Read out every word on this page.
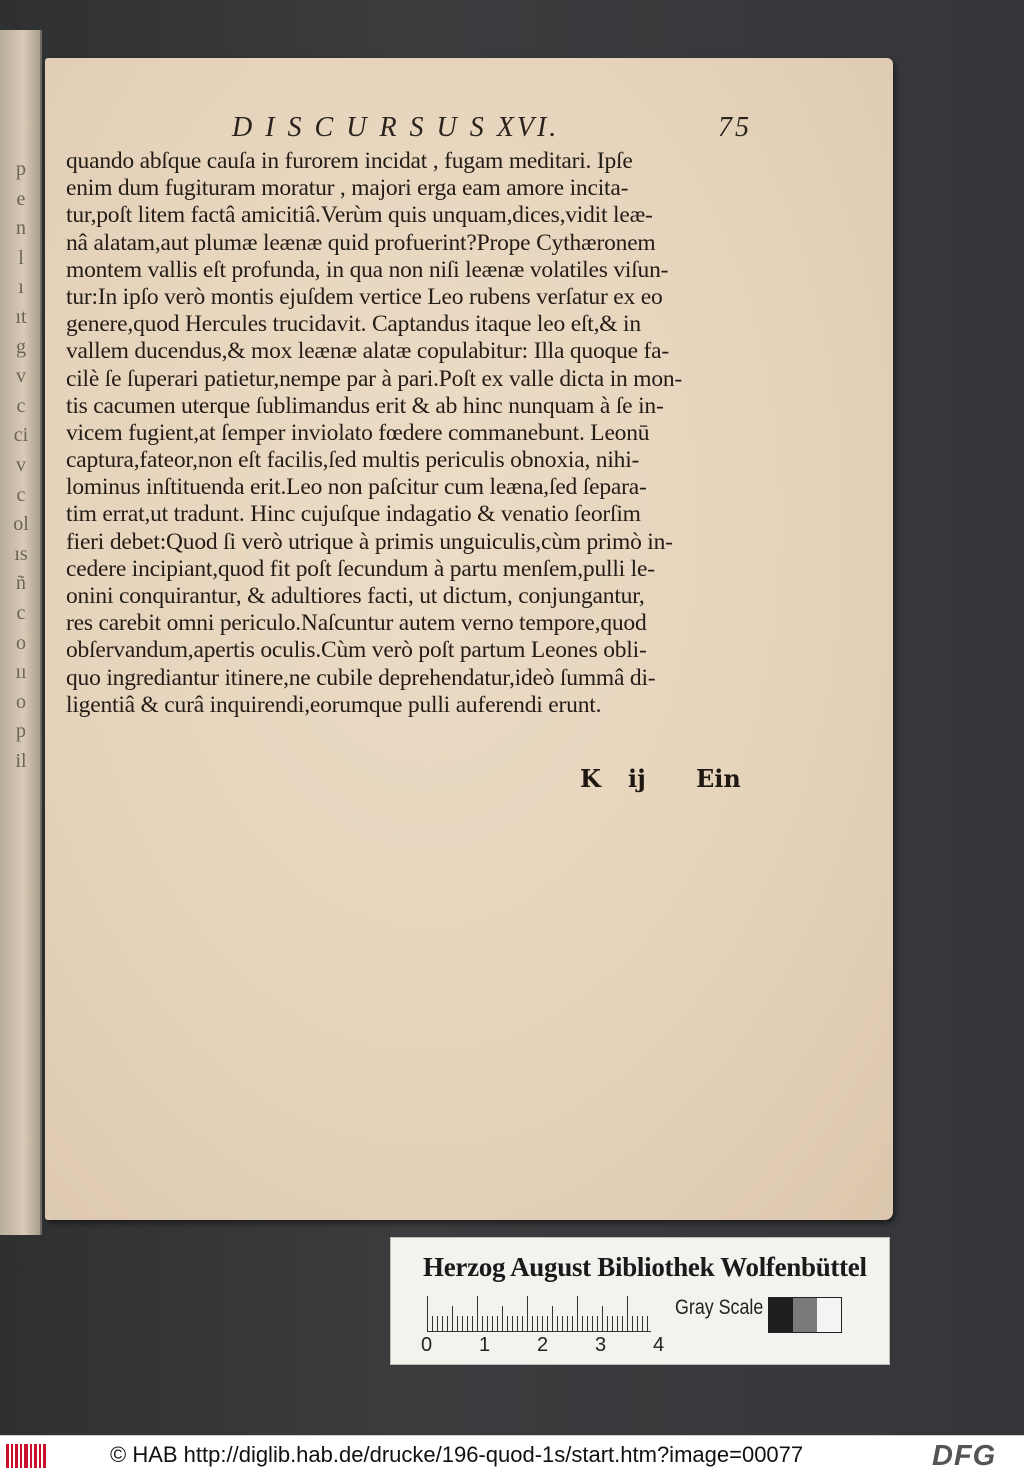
p
e
n
l
ı
ıt
g
v
c
ci
v
c
ol
ıs
ñ
c
o
ıı
o
p
il
D I S C U R S U S XVI.	75
quando abſque cauſa in furorem incidat , fugam meditari. Ipſe
enim dum fugituram moratur , majori erga eam amore incita-
tur,poſt litem factâ amicitiâ.Verùm quis unquam,dices,vidit leæ-
nâ alatam,aut plumæ leænæ quid profuerint?Prope Cythæronem
montem vallis eſt profunda, in qua non niſi leænæ volatiles viſun-
tur:In ipſo verò montis ejuſdem vertice Leo rubens verſatur ex eo
genere,quod Hercules trucidavit. Captandus itaque leo eſt,& in
vallem ducendus,& mox leænæ alatæ copulabitur: Illa quoque fa-
cilè ſe ſuperari patietur,nempe par à pari.Poſt ex valle dicta in mon-
tis cacumen uterque ſublimandus erit & ab hinc nunquam à ſe in-
vicem fugient,at ſemper inviolato fœdere commanebunt. Leonū
captura,fateor,non eſt facilis,ſed multis periculis obnoxia, nihi-
lominus inſtituenda erit.Leo non paſcitur cum leæna,ſed ſepara-
tim errat,ut tradunt. Hinc cujuſque indagatio & venatio ſeorſim
fieri debet:Quod ſi verò utrique à primis unguiculis,cùm primò in-
cedere incipiant,quod fit poſt ſecundum à partu menſem,pulli le-
onini conquirantur, & adultiores facti, ut dictum, conjungantur,
res carebit omni periculo.Naſcuntur autem verno tempore,quod
obſervandum,apertis oculis.Cùm verò poſt partum Leones obli-
quo ingrediantur itinere,ne cubile deprehendatur,ideò ſummâ di-
ligentiâ & curâ inquirendi,eorumque pulli auferendi erunt.
K ij Ein
Herzog August Bibliothek Wolfenbüttel
0 1 2 3 4
Gray Scale
© HAB http://diglib.hab.de/drucke/196-quod-1s/start.htm?image=00077	DFG
